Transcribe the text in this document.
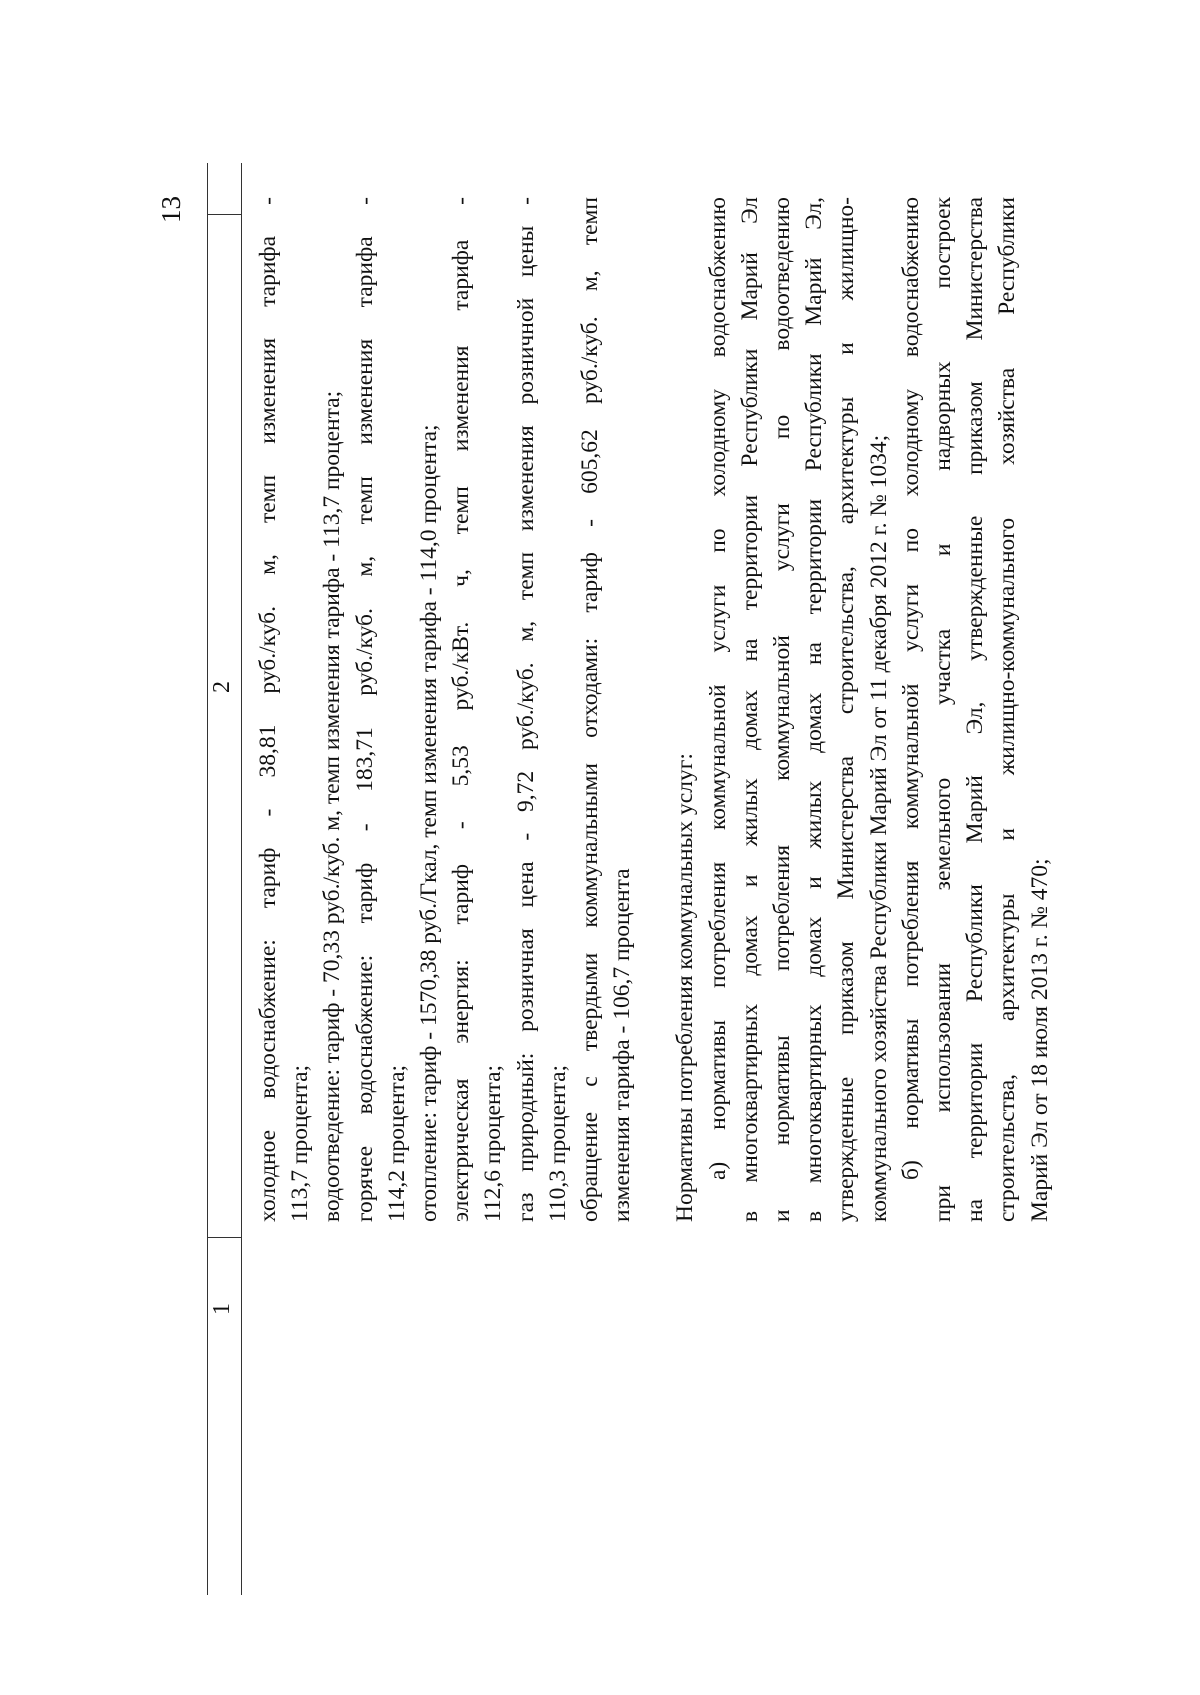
13
1
2 холодное водоснабжение: тариф - 38,81 руб./куб. м, темп изменения тарифа - 113,7 процента; водоотведение: тариф - 70,33 руб./куб. м, темп изменения тарифа - 113,7 процента; горячее водоснабжение: тариф - 183,71 руб./куб. м, темп изменения тарифа - 114,2 процента; отопление: тариф - 1570,38 руб./Гкал, темп изменения тарифа - 114,0 процента; электрическая энергия: тариф - 5,53 руб./кВт. ч, темп изменения тарифа - 112,6 процента; газ природный: розничная цена - 9,72 руб./куб. м, темп изменения розничной цены - 110,3 процента; обращение с твердыми коммунальными отходами: тариф - 605,62 руб./куб. м, темп изменения тарифа - 106,7 процента Нормативы потребления коммунальных услуг: а) нормативы потребления коммунальной услуги по холодному водоснабжению в многоквартирных домах и жилых домах на территории Республики Марий Эл и нормативы потребления коммунальной услуги по водоотведению в многоквартирных домах и жилых домах на территории Республики Марий Эл, утвержденные приказом Министерства строительства, архитектуры и жилищно- коммунального хозяйства Республики Марий Эл от 11 декабря 2012 г. № 1034; б) нормативы потребления коммунальной услуги по холодному водоснабжению при использовании земельного участка и надворных построек на территории Республики Марий Эл, утвержденные приказом Министерства строительства, архитектуры и жилищно-коммунального хозяйства Республики Марий Эл от 18 июля 2013 г. № 470;
